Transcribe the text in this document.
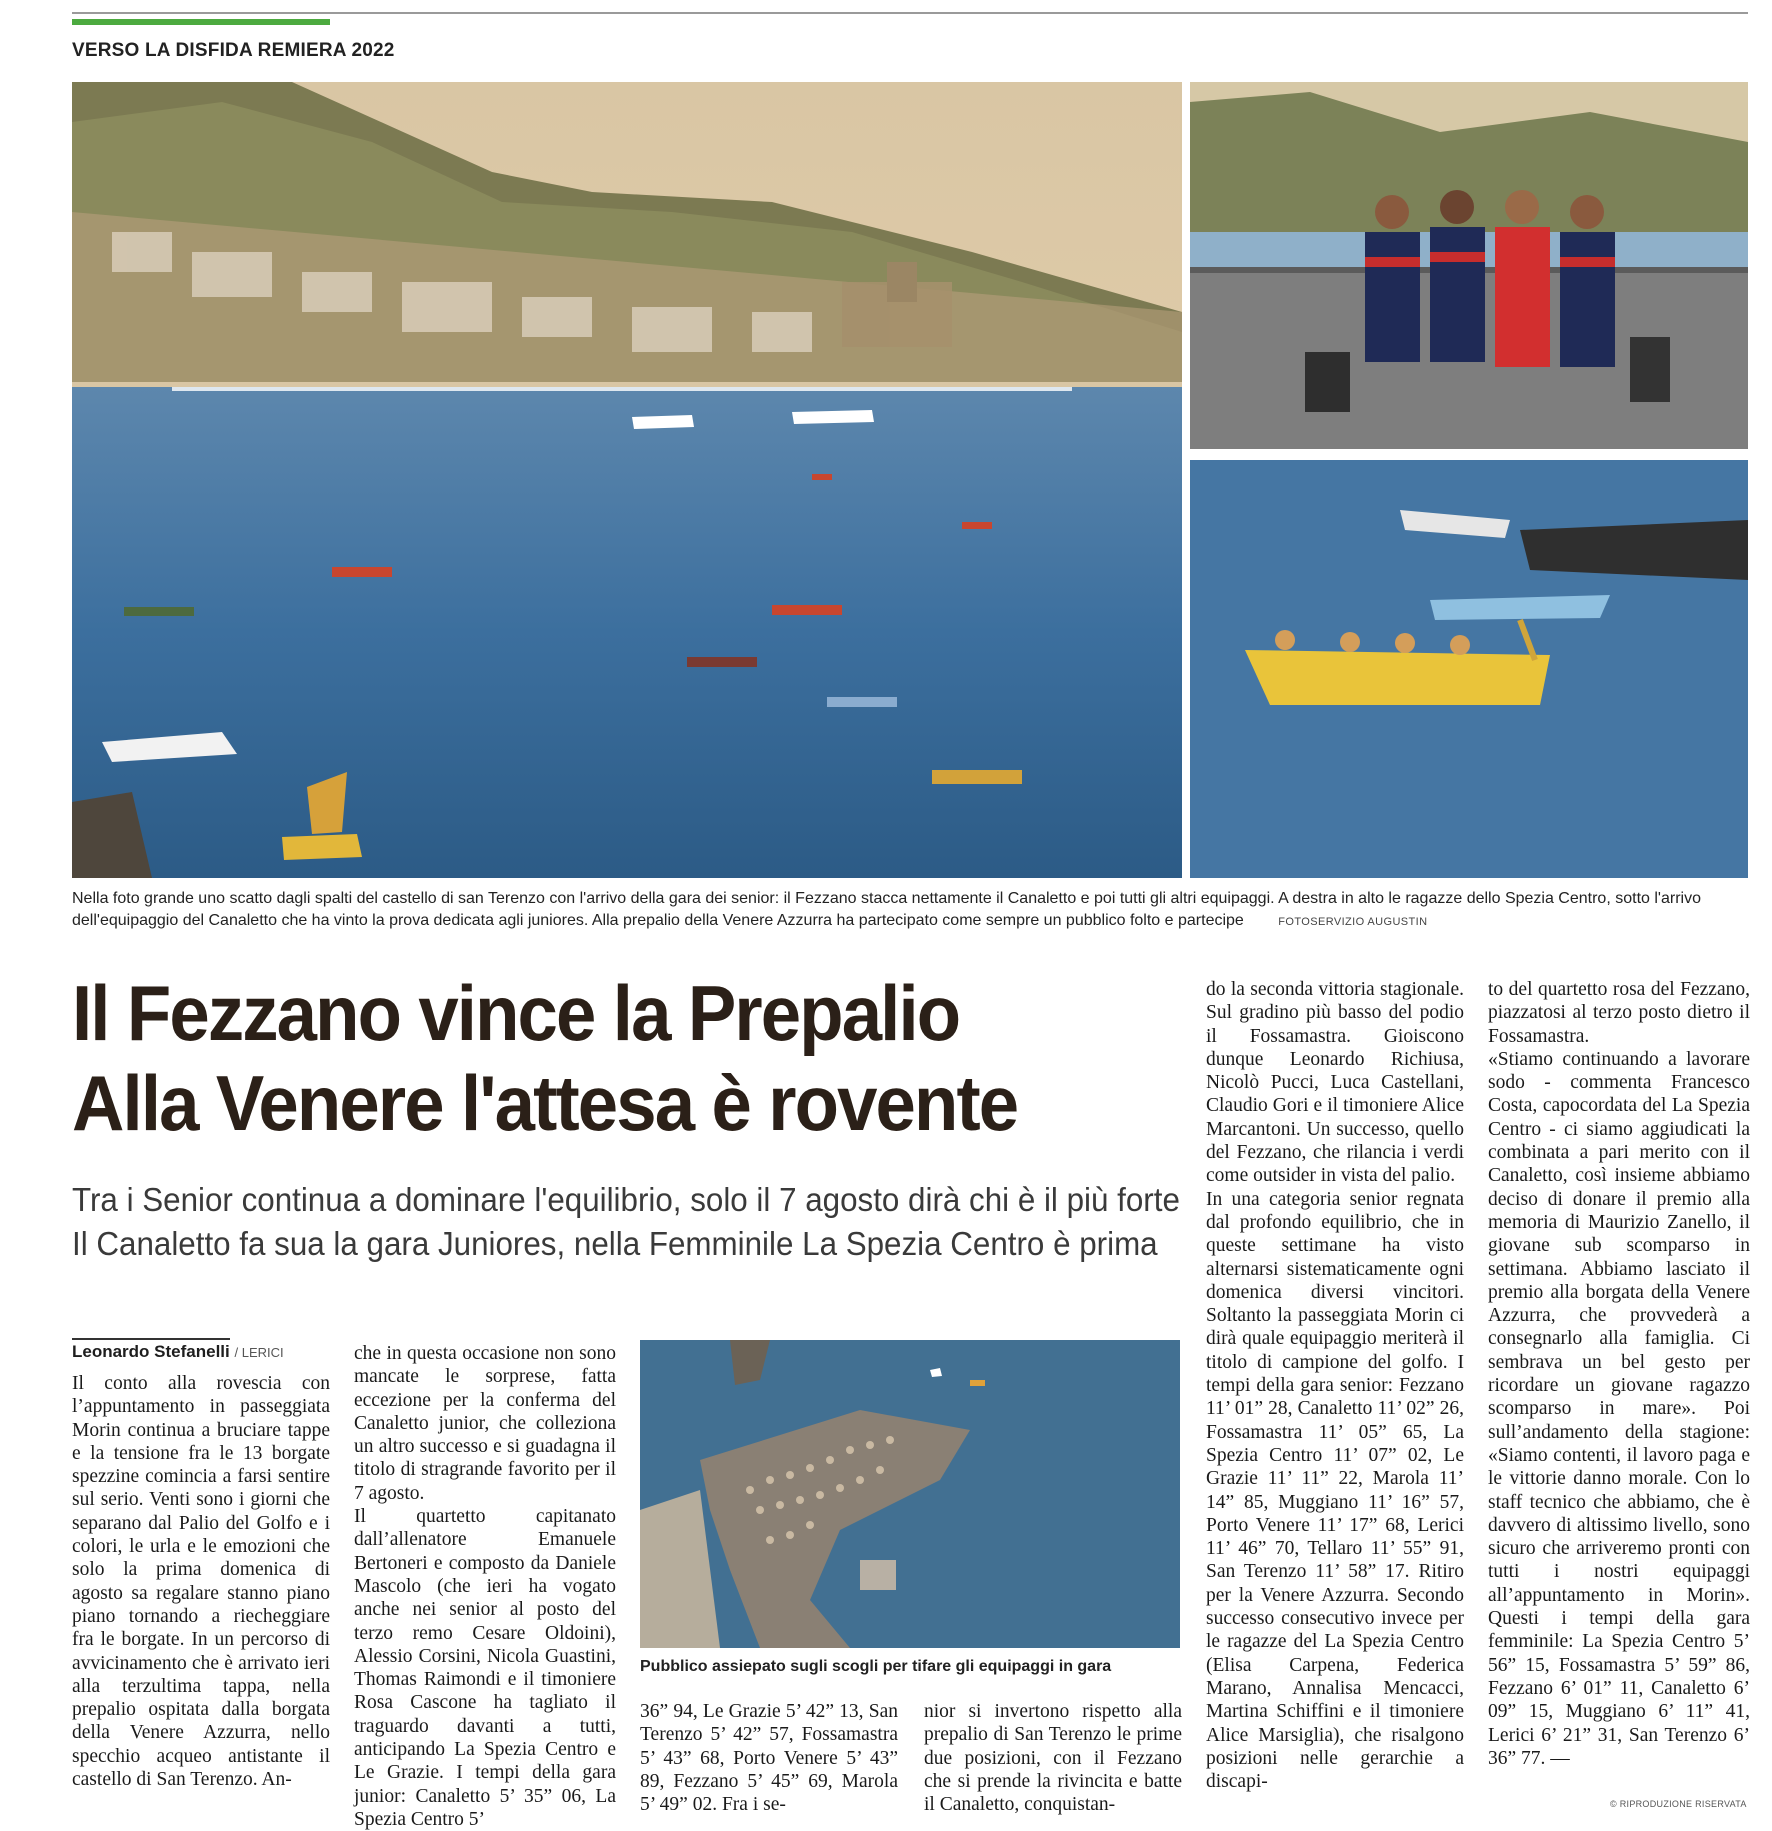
VERSO LA DISFIDA REMIERA 2022
Nella foto grande uno scatto dagli spalti del castello di san Terenzo con l'arrivo della gara dei senior: il Fezzano stacca nettamente il Canaletto e poi tutti gli altri equipaggi. A destra in alto le ragazze dello Spezia Centro, sotto l'arrivo dell'equipaggio del Canaletto che ha vinto la prova dedicata agli juniores. Alla prepalio della Venere Azzurra ha partecipato come sempre un pubblico folto e partecipe	FOTOSERVIZIO AUGUSTIN
Il Fezzano vince la Prepalio
Alla Venere l'attesa è rovente
Tra i Senior continua a dominare l'equilibrio, solo il 7 agosto dirà chi è il più forte
Il Canaletto fa sua la gara Juniores, nella Femminile La Spezia Centro è prima
Leonardo Stefanelli / LERICI
Il conto alla rovescia con l’appuntamento in passeggiata Morin continua a bruciare tappe e la tensione fra le 13 borgate spezzine comincia a farsi sentire sul serio. Venti sono i giorni che separano dal Palio del Golfo e i colori, le urla e le emozioni che solo la prima domenica di agosto sa regalare stanno piano piano tornando a riecheggiare fra le borgate. In un percorso di avvicinamento che è arrivato ieri alla terzultima tappa, nella prepalio ospitata dalla borgata della Venere Azzurra, nello specchio acqueo antistante il castello di San Terenzo. An-
che in questa occasione non sono mancate le sorprese, fatta eccezione per la conferma del Canaletto junior, che colleziona un altro successo e si guadagna il titolo di stragrande favorito per il 7 agosto.
Il quartetto capitanato dall’allenatore Emanuele Bertoneri e composto da Daniele Mascolo (che ieri ha vogato anche nei senior al posto del terzo remo Cesare Oldoini), Alessio Corsini, Nicola Guastini, Thomas Raimondi e il timoniere Rosa Cascone ha tagliato il traguardo davanti a tutti, anticipando La Spezia Centro e Le Grazie. I tempi della gara junior: Canaletto 5’ 35” 06, La Spezia Centro 5’
Pubblico assiepato sugli scogli per tifare gli equipaggi in gara
36” 94, Le Grazie 5’ 42” 13, San Terenzo 5’ 42” 57, Fossamastra 5’ 43” 68, Porto Venere 5’ 43” 89, Fezzano 5’ 45” 69, Marola 5’ 49” 02. Fra i se-
nior si invertono rispetto alla prepalio di San Terenzo le prime due posizioni, con il Fezzano che si prende la rivincita e batte il Canaletto, conquistan-
do la seconda vittoria stagionale. Sul gradino più basso del podio il Fossamastra. Gioiscono dunque Leonardo Richiusa, Nicolò Pucci, Luca Castellani, Claudio Gori e il timoniere Alice Marcantoni. Un successo, quello del Fezzano, che rilancia i verdi come outsider in vista del palio.
In una categoria senior regnata dal profondo equilibrio, che in queste settimane ha visto alternarsi sistematicamente ogni domenica diversi vincitori. Soltanto la passeggiata Morin ci dirà quale equipaggio meriterà il titolo di campione del golfo. I tempi della gara senior: Fezzano 11’ 01” 28, Canaletto 11’ 02” 26, Fossamastra 11’ 05” 65, La Spezia Centro 11’ 07” 02, Le Grazie 11’ 11” 22, Marola 11’ 14” 85, Muggiano 11’ 16” 57, Porto Venere 11’ 17” 68, Lerici 11’ 46” 70, Tellaro 11’ 55” 91, San Terenzo 11’ 58” 17. Ritiro per la Venere Azzurra. Secondo successo consecutivo invece per le ragazze del La Spezia Centro (Elisa Carpena, Federica Marano, Annalisa Mencacci, Martina Schiffini e il timoniere Alice Marsiglia), che risalgono posizioni nelle gerarchie a discapi-
to del quartetto rosa del Fezzano, piazzatosi al terzo posto dietro il Fossamastra.
«Stiamo continuando a lavorare sodo - commenta Francesco Costa, capocordata del La Spezia Centro - ci siamo aggiudicati la combinata a pari merito con il Canaletto, così insieme abbiamo deciso di donare il premio alla memoria di Maurizio Zanello, il giovane sub scomparso in settimana. Abbiamo lasciato il premio alla borgata della Venere Azzurra, che provvederà a consegnarlo alla famiglia. Ci sembrava un bel gesto per ricordare un giovane ragazzo scomparso in mare». Poi sull’andamento della stagione: «Siamo contenti, il lavoro paga e le vittorie danno morale. Con lo staff tecnico che abbiamo, che è davvero di altissimo livello, sono sicuro che arriveremo pronti con tutti i nostri equipaggi all’appuntamento in Morin». Questi i tempi della gara femminile: La Spezia Centro 5’ 56” 15, Fossamastra 5’ 59” 86, Fezzano 6’ 01” 11, Canaletto 6’ 09” 15, Muggiano 6’ 11” 41, Lerici 6’ 21” 31, San Terenzo 6’ 36” 77. —
© RIPRODUZIONE RISERVATA
